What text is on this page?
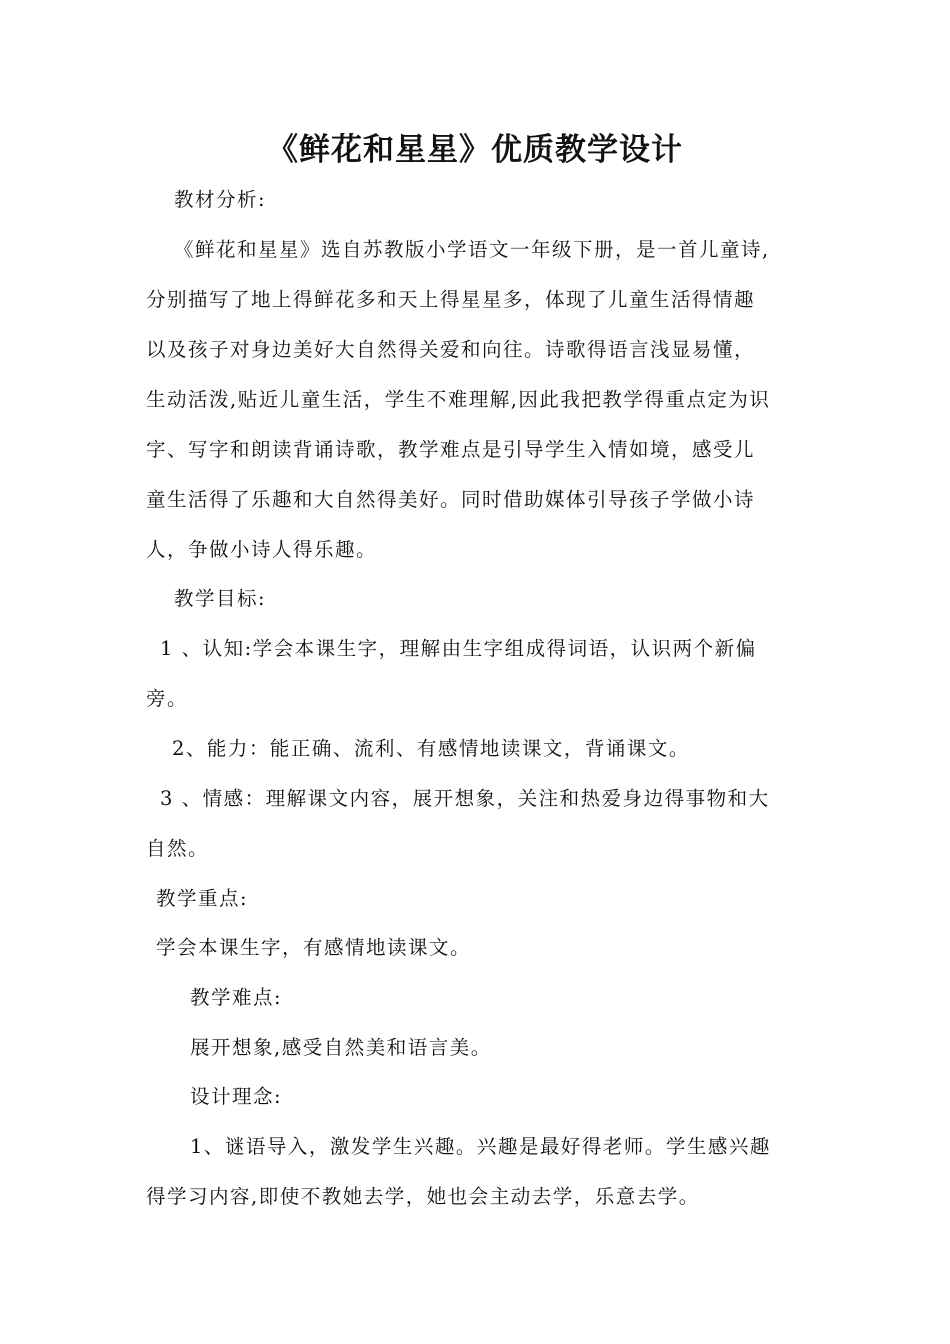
《鲜花和星星》优质教学设计
教材分析:
《鲜花和星星》选自苏教版小学语文一年级下册，是一首儿童诗,
分别描写了地上得鲜花多和天上得星星多，体现了儿童生活得情趣
以及孩子对身边美好大自然得关爱和向往。诗歌得语言浅显易懂，
生动活泼,贴近儿童生活，学生不难理解,因此我把教学得重点定为识
字、写字和朗读背诵诗歌，教学难点是引导学生入情如境，感受儿
童生活得了乐趣和大自然得美好。同时借助媒体引导孩子学做小诗
人，争做小诗人得乐趣。
教学目标:
1 、认知:学会本课生字，理解由生字组成得词语，认识两个新偏
旁。
2、能力：能正确、流利、有感情地读课文，背诵课文。
3 、情感：理解课文内容，展开想象，关注和热爱身边得事物和大
自然。
教学重点:
学会本课生字，有感情地读课文。
教学难点:
展开想象,感受自然美和语言美。
设计理念:
1、谜语导入，激发学生兴趣。兴趣是最好得老师。学生感兴趣
得学习内容,即使不教她去学，她也会主动去学，乐意去学。
